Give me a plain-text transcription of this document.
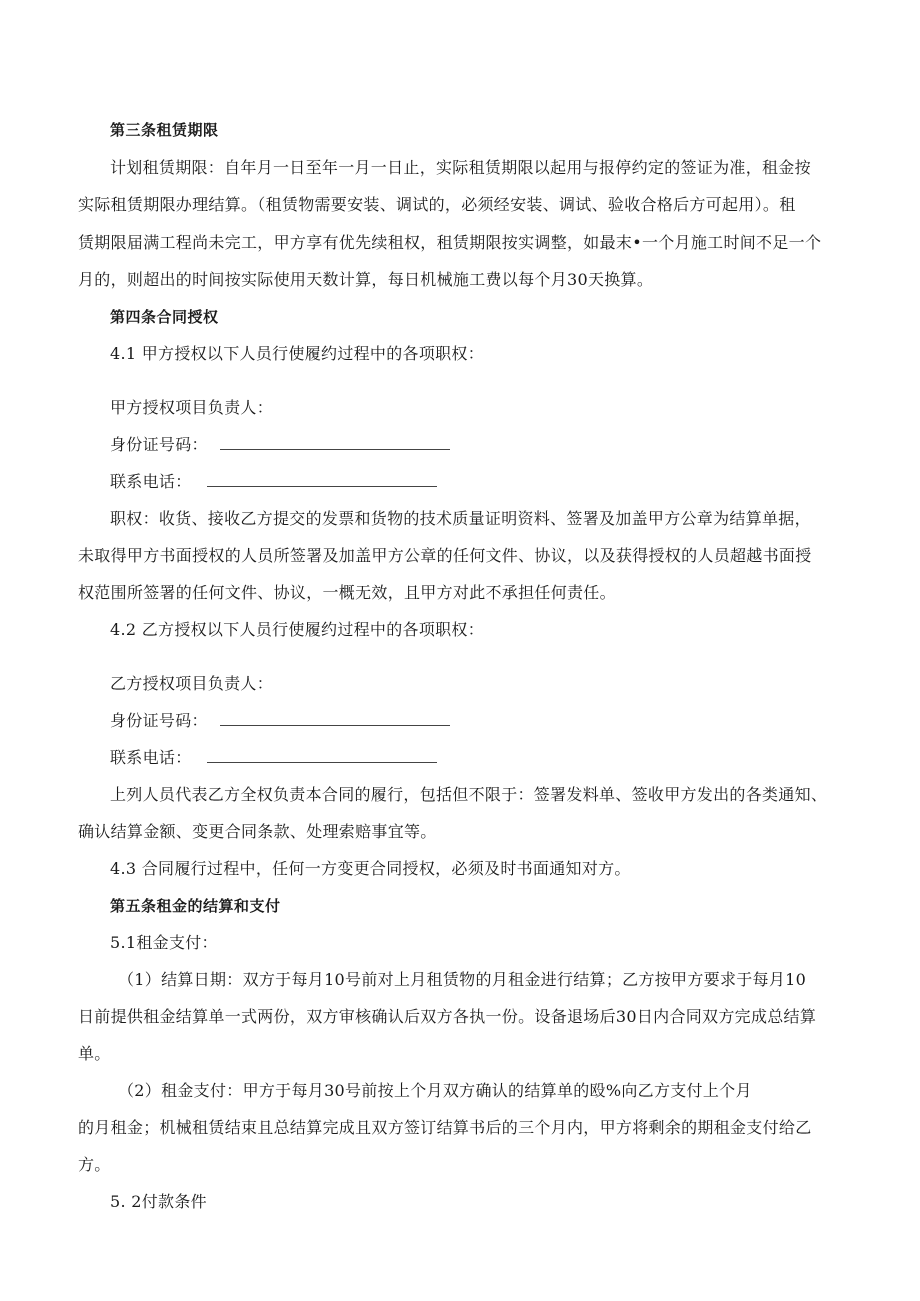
第三条租赁期限
计划租赁期限：自年月一日至年一月一日止，实际租赁期限以起用与报停约定的签证为准，租金按
实际租赁期限办理结算。（租赁物需要安装、调试的，必须经安装、调试、验收合格后方可起用）。租
赁期限届满工程尚未完工，甲方享有优先续租权，租赁期限按实调整，如最末•一个月施工时间不足一个
月的，则超出的时间按实际使用天数计算，每日机械施工费以每个月30天换算。
第四条合同授权
4.1 甲方授权以下人员行使履约过程中的各项职权：
甲方授权项目负责人：
身份证号码：
联系电话：
职权：收货、接收乙方提交的发票和货物的技术质量证明资料、签署及加盖甲方公章为结算单据，
未取得甲方书面授权的人员所签署及加盖甲方公章的任何文件、协议，以及获得授权的人员超越书面授
权范围所签署的任何文件、协议，一概无效，且甲方对此不承担任何责任。
4.2 乙方授权以下人员行使履约过程中的各项职权：
乙方授权项目负责人：
身份证号码：
联系电话：
上列人员代表乙方全权负责本合同的履行，包括但不限于：签署发料单、签收甲方发出的各类通知、
确认结算金额、变更合同条款、处理索赔事宜等。
4.3 合同履行过程中，任何一方变更合同授权，必须及时书面通知对方。
第五条租金的结算和支付
5.1租金支付：
（1）结算日期：双方于每月10号前对上月租赁物的月租金进行结算；乙方按甲方要求于每月10
日前提供租金结算单一式两份，双方审核确认后双方各执一份。设备退场后30日内合同双方完成总结算
单。
（2）租金支付：甲方于每月30号前按上个月双方确认的结算单的殴%向乙方支付上个月
的月租金；机械租赁结束且总结算完成且双方签订结算书后的三个月内，甲方将剩余的期租金支付给乙
方。
5. 2付款条件
